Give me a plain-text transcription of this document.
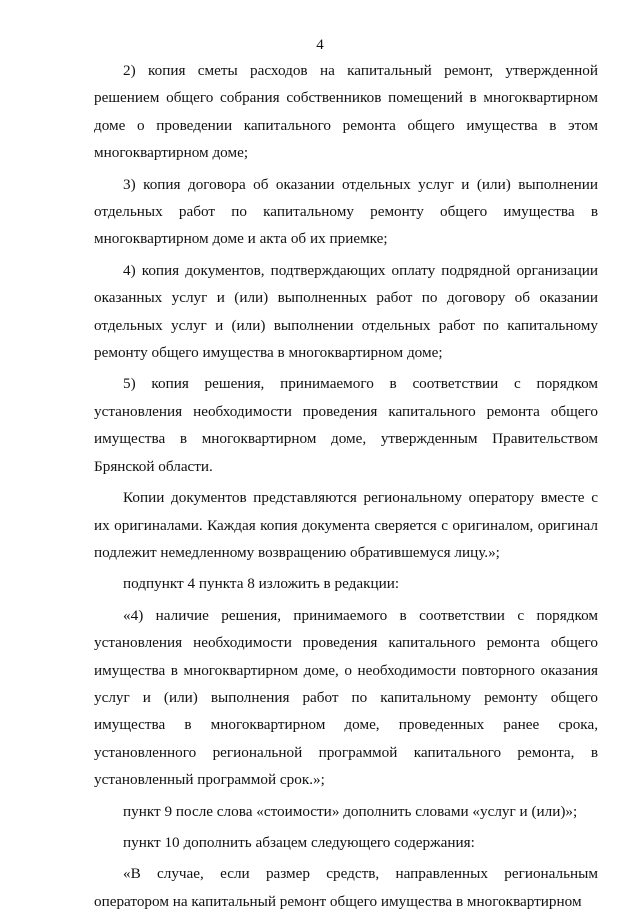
4

2) копия сметы расходов на капитальный ремонт, утвержденной решением общего собрания собственников помещений в многоквартирном доме о проведении капитального ремонта общего имущества в этом многоквартирном доме;

3) копия договора об оказании отдельных услуг и (или) выполнении отдельных работ по капитальному ремонту общего имущества в многоквартирном доме и акта об их приемке;

4) копия документов, подтверждающих оплату подрядной организации оказанных услуг и (или) выполненных работ по договору об оказании отдельных услуг и (или) выполнении отдельных работ по капитальному ремонту общего имущества в многоквартирном доме;

5) копия решения, принимаемого в соответствии с порядком установления необходимости проведения капитального ремонта общего имущества в многоквартирном доме, утвержденным Правительством Брянской области.

Копии документов представляются региональному оператору вместе с их оригиналами. Каждая копия документа сверяется с оригиналом, оригинал подлежит немедленному возвращению обратившемуся лицу.»;

подпункт 4 пункта 8 изложить в редакции:

«4) наличие решения, принимаемого в соответствии с порядком установления необходимости проведения капитального ремонта общего имущества в многоквартирном доме, о необходимости повторного оказания услуг и (или) выполнения работ по капитальному ремонту общего имущества в многоквартирном доме, проведенных ранее срока, установленного региональной программой капитального ремонта, в установленный программой срок.»;

пункт 9 после слова «стоимости» дополнить словами «услуг и (или)»;

пункт 10 дополнить абзацем следующего содержания:

«В случае, если размер средств, направленных региональным оператором на капитальный ремонт общего имущества в многоквартирном
